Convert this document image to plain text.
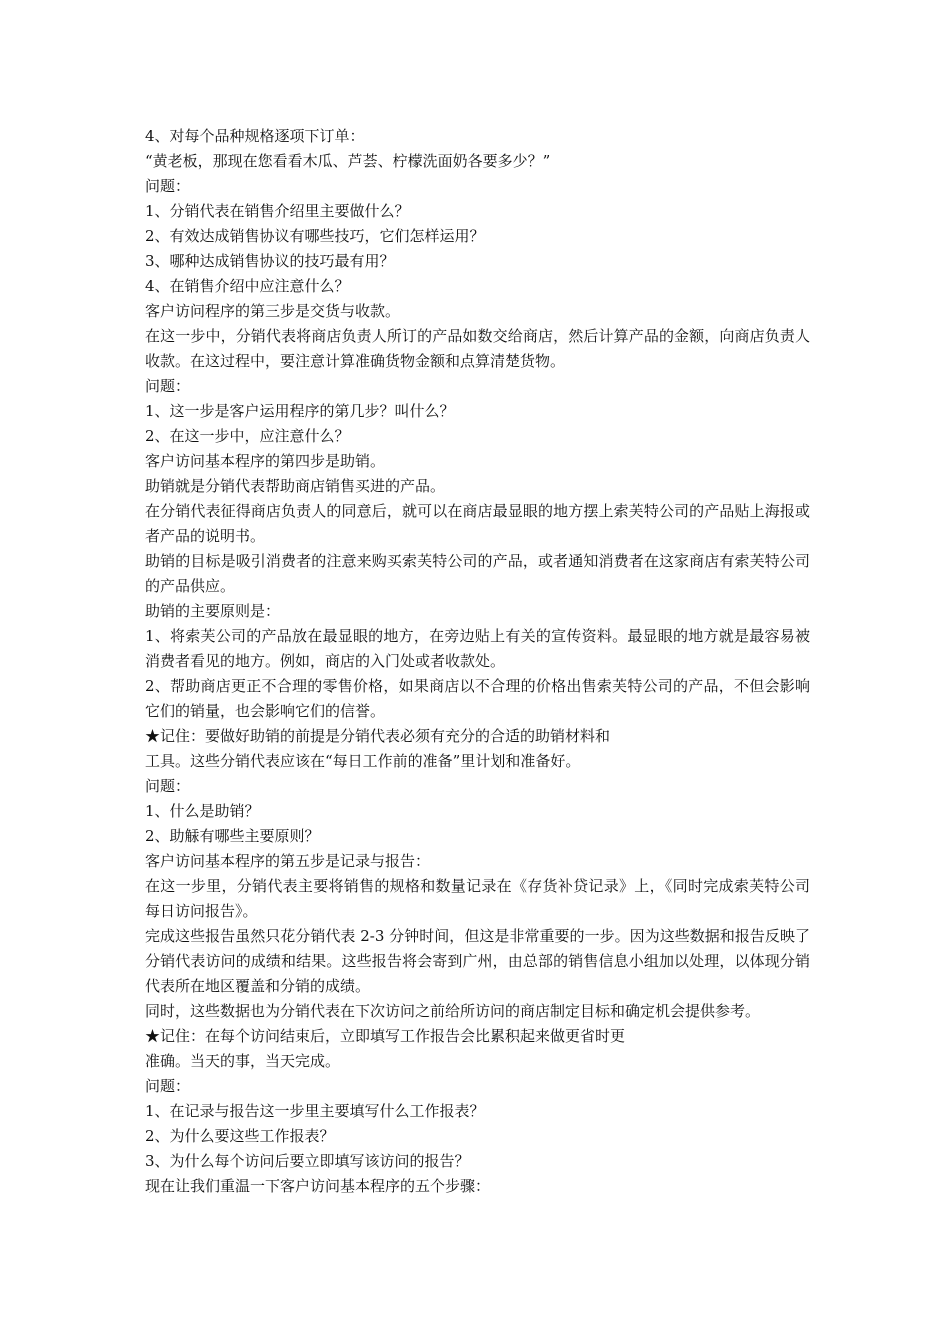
4、对每个品种规格逐项下订单：

“黄老板，那现在您看看木瓜、芦荟、柠檬洗面奶各要多少？”

问题：

1、分销代表在销售介绍里主要做什么？

2、有效达成销售协议有哪些技巧，它们怎样运用？

3、哪种达成销售协议的技巧最有用？

4、在销售介绍中应注意什么？

客户访问程序的第三步是交货与收款。

在这一步中，分销代表将商店负责人所订的产品如数交给商店，然后计算产品的金额，向商店负责人收款。在这过程中，要注意计算准确货物金额和点算清楚货物。

问题：

1、这一步是客户运用程序的第几步？叫什么？

2、在这一步中，应注意什么？

客户访问基本程序的第四步是助销。

助销就是分销代表帮助商店销售买进的产品。

在分销代表征得商店负责人的同意后，就可以在商店最显眼的地方摆上索芙特公司的产品贴上海报或者产品的说明书。

助销的目标是吸引消费者的注意来购买索芙特公司的产品，或者通知消费者在这家商店有索芙特公司的产品供应。

助销的主要原则是：

1、将索芙公司的产品放在最显眼的地方，在旁边贴上有关的宣传资料。最显眼的地方就是最容易被消费者看见的地方。例如，商店的入门处或者收款处。

2、帮助商店更正不合理的零售价格，如果商店以不合理的价格出售索芙特公司的产品，不但会影响它们的销量，也会影响它们的信誉。

★记住：要做好助销的前提是分销代表必须有充分的合适的助销材料和

工具。这些分销代表应该在“每日工作前的准备”里计划和准备好。

问题：

1、什么是助销？

2、助觨有哪些主要原则？

客户访问基本程序的第五步是记录与报告：

在这一步里，分销代表主要将销售的规格和数量记录在《存货补贷记录》上，《同时完成索芙特公司每日访问报告》。

完成这些报告虽然只花分销代表 2-3 分钟时间，但这是非常重要的一步。因为这些数据和报告反映了分销代表访问的成绩和结果。这些报告将会寄到广州，由总部的销售信息小组加以处理，以体现分销代表所在地区覆盖和分销的成绩。

同时，这些数据也为分销代表在下次访问之前给所访问的商店制定目标和确定机会提供参考。

★记住：在每个访问结束后，立即填写工作报告会比累积起来做更省时更

准确。当天的事，当天完成。

问题：

1、在记录与报告这一步里主要填写什么工作报表？

2、为什么要这些工作报表？

3、为什么每个访问后要立即填写该访问的报告？

现在让我们重温一下客户访问基本程序的五个步骤：
